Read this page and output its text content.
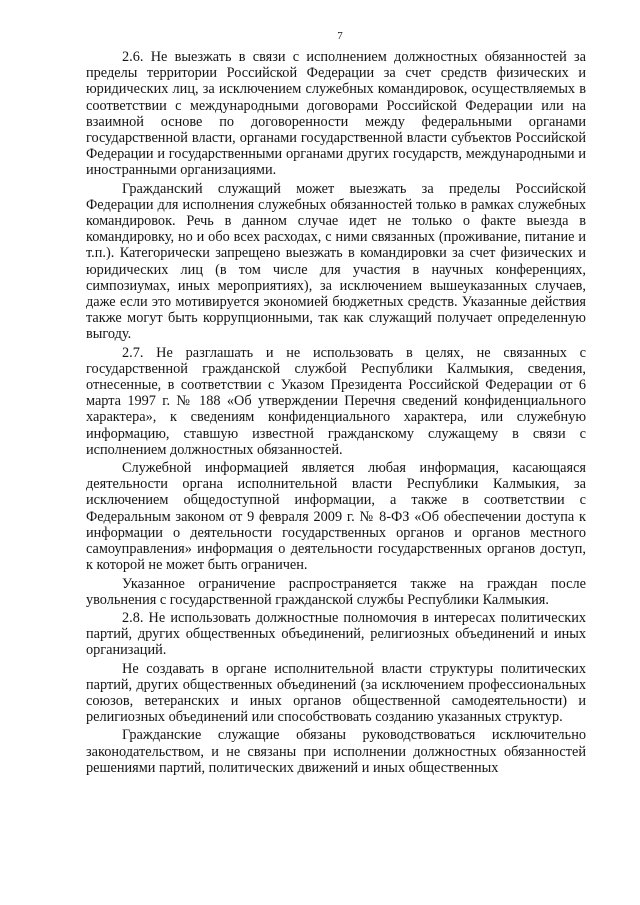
7

2.6. Не выезжать в связи с исполнением должностных обязанностей за пределы территории Российской Федерации за счет средств физических и юридических лиц, за исключением служебных командировок, осуществляемых в соответствии с международными договорами Российской Федерации или на взаимной основе по договоренности между федеральными органами государственной власти, органами государственной власти субъектов Российской Федерации и государственными органами других государств, международными и иностранными организациями.

Гражданский служащий может выезжать за пределы Российской Федерации для исполнения служебных обязанностей только в рамках служебных командировок. Речь в данном случае идет не только о факте выезда в командировку, но и обо всех расходах, с ними связанных (проживание, питание и т.п.). Категорически запрещено выезжать в командировки за счет физических и юридических лиц (в том числе для участия в научных конференциях, симпозиумах, иных мероприятиях), за исключением вышеуказанных случаев, даже если это мотивируется экономией бюджетных средств. Указанные действия также могут быть коррупционными, так как служащий получает определенную выгоду.

2.7. Не разглашать и не использовать в целях, не связанных с государственной гражданской службой Республики Калмыкия, сведения, отнесенные, в соответствии с Указом Президента Российской Федерации от 6 марта 1997 г. № 188 «Об утверждении Перечня сведений конфиденциального характера», к сведениям конфиденциального характера, или служебную информацию, ставшую известной гражданскому служащему в связи с исполнением должностных обязанностей.

Служебной информацией является любая информация, касающаяся деятельности органа исполнительной власти Республики Калмыкия, за исключением общедоступной информации, а также в соответствии с Федеральным законом от 9 февраля 2009 г. № 8-ФЗ «Об обеспечении доступа к информации о деятельности государственных органов и органов местного самоуправления» информация о деятельности государственных органов доступ, к которой не может быть ограничен.

Указанное ограничение распространяется также на граждан после увольнения с государственной гражданской службы Республики Калмыкия.

2.8. Не использовать должностные полномочия в интересах политических партий, других общественных объединений, религиозных объединений и иных организаций.

Не создавать в органе исполнительной власти структуры политических партий, других общественных объединений (за исключением профессиональных союзов, ветеранских и иных органов общественной самодеятельности) и религиозных объединений или способствовать созданию указанных структур.

Гражданские служащие обязаны руководствоваться исключительно законодательством, и не связаны при исполнении должностных обязанностей решениями партий, политических движений и иных общественных
